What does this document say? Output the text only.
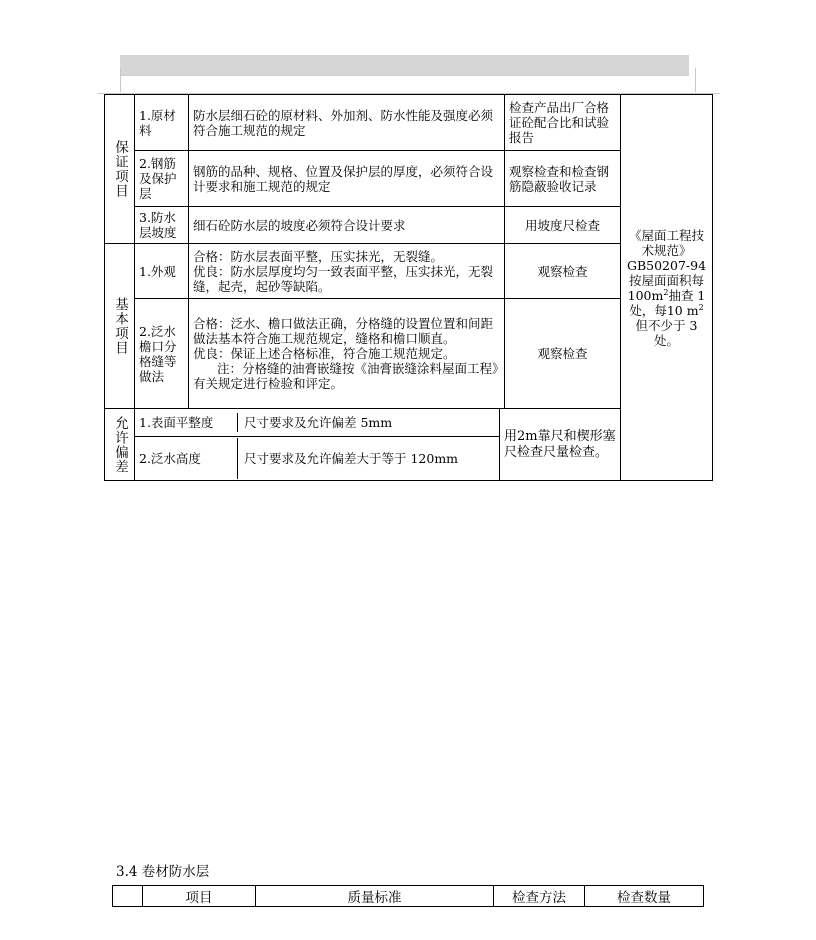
保证项目	1.原材料	防水层细石砼的原材料、外加剂、防水性能及强度必须符合施工规范的规定		检查产品出厂合格证砼配合比和试验报告	《屋面工程技术规范》
GB50207-94
按屋面面积每 $100m^2$抽查 1处，每10 $m^2$但不少于 3 处。
	2.钢筋及保护层	钢筋的品种、规格、位置及保护层的厚度，必须符合设计要求和施工规范的规定		观察检查和检查钢筋隐蔽验收记录	
	3.防水层坡度	细石砼防水层的坡度必须符合设计要求		用坡度尺检查	
基本项目	1.外观	合格：防水层表面平整，压实抹光，无裂缝。
优良：防水层厚度均匀一致表面平整，压实抹光，无裂缝，起壳，起砂等缺陷。		观察检查	
	2.泛水檐口分格缝等做法	合格：泛水、檐口做法正确，分格缝的设置位置和间距做法基本符合施工规范规定，缝格和檐口顺直。
优良：保证上述合格标准，符合施工规范规定。
注：分格缝的油膏嵌缝按《油膏嵌缝涂料屋面工程》有关规定进行检验和评定。		观察检查	
允许偏差	1.表面平整度 尺寸要求及允许偏差 5mm		用2m靠尺和楔形塞尺检查尺量检查。		
	2.泛水高度 尺寸要求及允许偏差大于等于 120mm				
3.4 卷材防水层
	项目	质量标准	检查方法	检查数量
